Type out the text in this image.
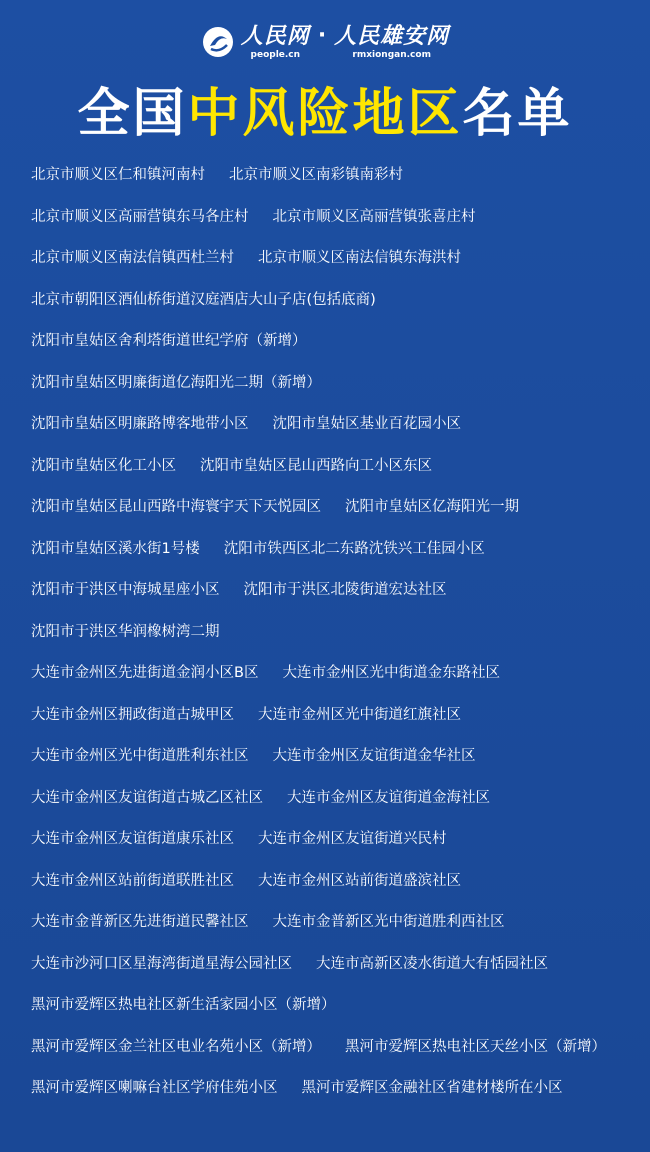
人民网
people.cn
· 人民雄安网
rmxiongan.com
全国中风险地区名单
北京市顺义区仁和镇河南村 北京市顺义区南彩镇南彩村
北京市顺义区高丽营镇东马各庄村 北京市顺义区高丽营镇张喜庄村
北京市顺义区南法信镇西杜兰村 北京市顺义区南法信镇东海洪村
北京市朝阳区酒仙桥街道汉庭酒店大山子店(包括底商)
沈阳市皇姑区舍利塔街道世纪学府（新增）
沈阳市皇姑区明廉街道亿海阳光二期（新增）
沈阳市皇姑区明廉路博客地带小区 沈阳市皇姑区基业百花园小区
沈阳市皇姑区化工小区 沈阳市皇姑区昆山西路向工小区东区
沈阳市皇姑区昆山西路中海寰宇天下天悦园区 沈阳市皇姑区亿海阳光一期
沈阳市皇姑区溪水街1号楼 沈阳市铁西区北二东路沈铁兴工佳园小区
沈阳市于洪区中海城星座小区 沈阳市于洪区北陵街道宏达社区
沈阳市于洪区华润橡树湾二期
大连市金州区先进街道金润小区B区 大连市金州区光中街道金东路社区
大连市金州区拥政街道古城甲区 大连市金州区光中街道红旗社区
大连市金州区光中街道胜利东社区 大连市金州区友谊街道金华社区
大连市金州区友谊街道古城乙区社区 大连市金州区友谊街道金海社区
大连市金州区友谊街道康乐社区 大连市金州区友谊街道兴民村
大连市金州区站前街道联胜社区 大连市金州区站前街道盛滨社区
大连市金普新区先进街道民馨社区 大连市金普新区光中街道胜利西社区
大连市沙河口区星海湾街道星海公园社区 大连市高新区凌水街道大有恬园社区
黑河市爱辉区热电社区新生活家园小区（新增）
黑河市爱辉区金兰社区电业名苑小区（新增） 黑河市爱辉区热电社区天丝小区（新增）
黑河市爱辉区喇嘛台社区学府佳苑小区 黑河市爱辉区金融社区省建材楼所在小区
